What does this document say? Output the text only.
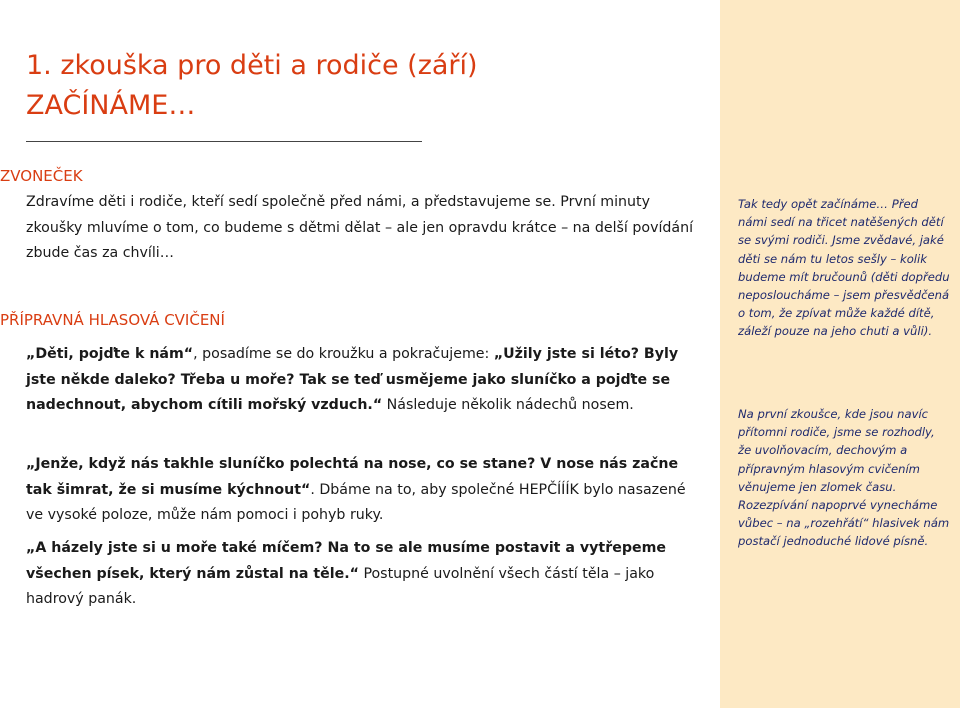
1. zkouška pro děti a rodiče (září)
ZAČÍNÁME…
ZVONEČEK

Zdravíme děti i rodiče, kteří sedí společně před námi, a představujeme se. První minuty zkoušky mluvíme o tom, co budeme s dětmi dělat – ale jen opravdu krátce – na delší povídání zbude čas za chvíli…

PŘÍPRAVNÁ HLASOVÁ CVIČENÍ

„Děti, pojďte k nám“, posadíme se do kroužku a pokračujeme: „Užily jste si léto? Byly jste někde daleko? Třeba u moře? Tak se teď usmějeme jako sluníčko a pojďte se nadechnout, abychom cítili mořský vzduch.“ Následuje několik nádechů nosem.

„Jenže, když nás takhle sluníčko polechtá na nose, co se stane? V nose nás začne tak šimrat, že si musíme kýchnout“. Dbáme na to, aby společné HEPČÍÍÍK bylo nasazené ve vysoké poloze, může nám pomoci i pohyb ruky.

„A házely jste si u moře také míčem? Na to se ale musíme postavit a vytřepeme všechen písek, který nám zůstal na těle.“ Postupné uvolnění všech částí těla – jako hadrový panák.

Tak tedy opět začínáme… Před námi sedí na třicet natěšených dětí se svými rodiči. Jsme zvědavé, jaké děti se nám tu letos sešly – kolik budeme mít bručounů (děti dopředu neposloucháme – jsem přesvědčená o tom, že zpívat může každé dítě, záleží pouze na jeho chuti a vůli).

Na první zkoušce, kde jsou navíc přítomni rodiče, jsme se rozhodly, že uvolňovacím, dechovým a přípravným hlasovým cvičením věnujeme jen zlomek času. Rozezpívání napoprvé vynecháme vůbec – na „rozehřátí“ hlasivek nám postačí jednoduché lidové písně.
